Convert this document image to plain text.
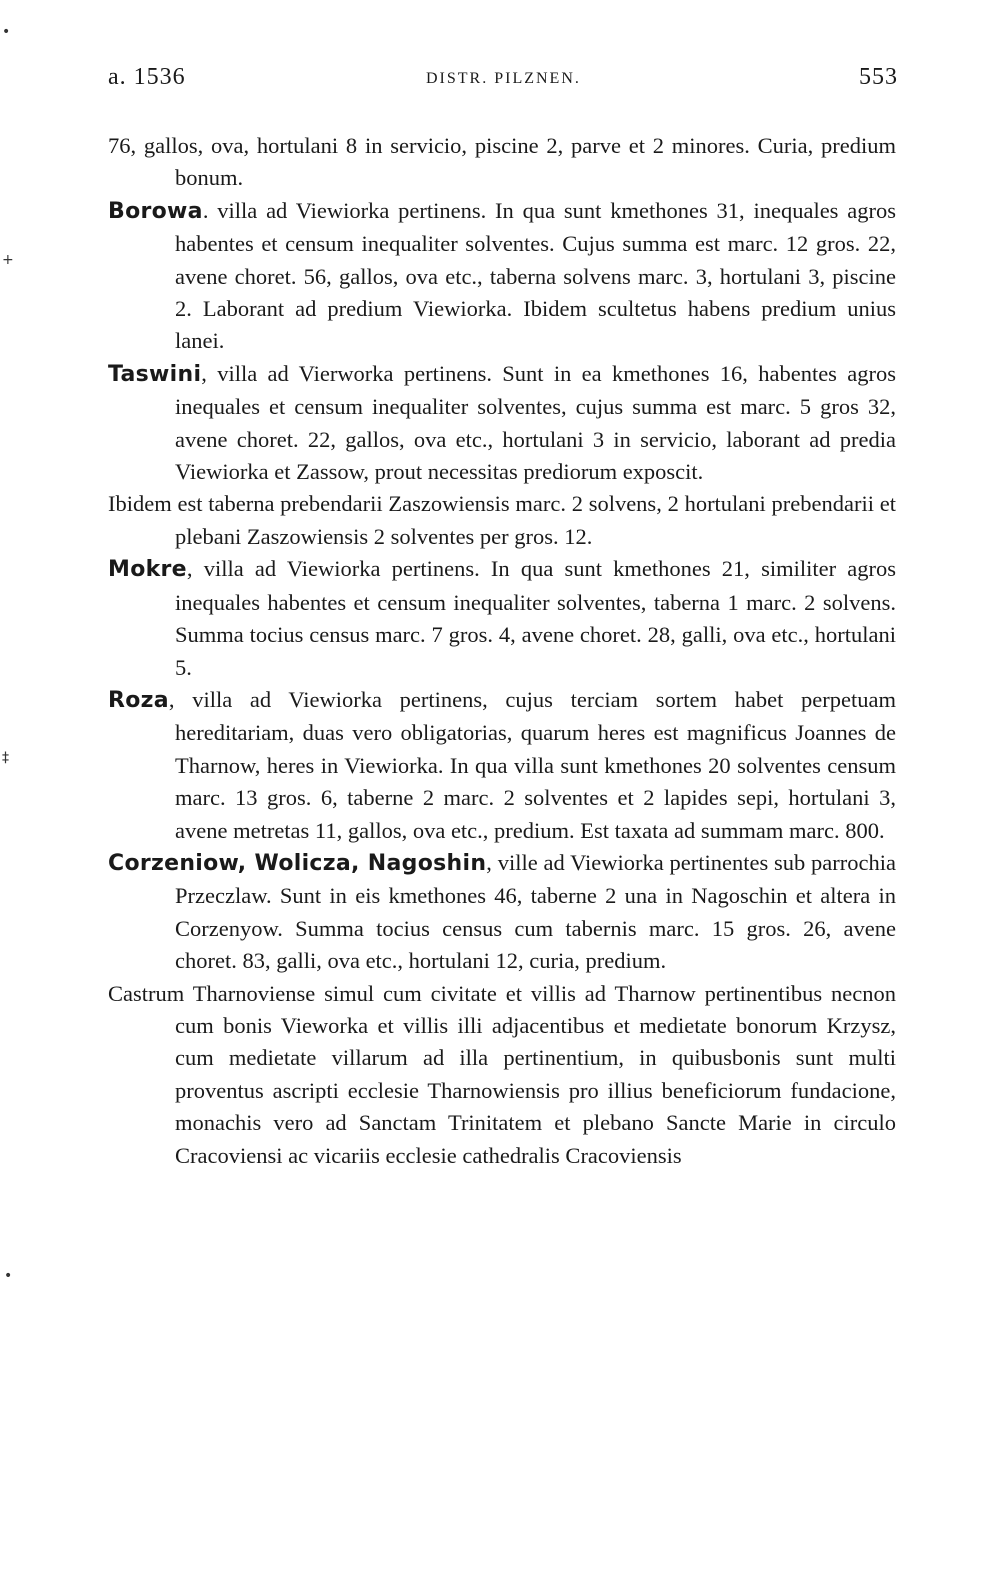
a. 1536	DISTR. PILZNEN.	553

76, gallos, ova, hortulani 8 in servicio, piscine 2, parve et 2 minores. Curia, predium bonum.

Borowa. villa ad Viewiorka pertinens. In qua sunt kmethones 31, inequales agros habentes et censum inequaliter solventes. Cujus summa est marc. 12 gros. 22, avene choret. 56, gallos, ova etc., taberna solvens marc. 3, hortulani 3, piscine 2. Laborant ad predium Viewiorka. Ibidem scultetus habens predium unius lanei.

Taswini, villa ad Vierworka pertinens. Sunt in ea kmethones 16, habentes agros inequales et censum inequaliter solventes, cujus summa est marc. 5 gros 32, avene choret. 22, gallos, ova etc., hortulani 3 in servicio, laborant ad predia Viewiorka et Zassow, prout necessitas prediorum exposcit.

Ibidem est taberna prebendarii Zaszowiensis marc. 2 solvens, 2 hortulani prebendarii et plebani Zaszowiensis 2 solventes per gros. 12.

Mokre, villa ad Viewiorka pertinens. In qua sunt kmethones 21, similiter agros inequales habentes et censum inequaliter solventes, taberna 1 marc. 2 solvens. Summa tocius census marc. 7 gros. 4, avene choret. 28, galli, ova etc., hortulani 5.

Roza, villa ad Viewiorka pertinens, cujus terciam sortem habet perpetuam hereditariam, duas vero obligatorias, quarum heres est magnificus Joannes de Tharnow, heres in Viewiorka. In qua villa sunt kmethones 20 solventes censum marc. 13 gros. 6, taberne 2 marc. 2 solventes et 2 lapides sepi, hortulani 3, avene metretas 11, gallos, ova etc., predium. Est taxata ad summam marc. 800.

Corzeniow, Wolicza, Nagoshin, ville ad Viewiorka pertinentes sub parrochia Przeczlaw. Sunt in eis kmethones 46, taberne 2 una in Nagoschin et altera in Corzenyow. Summa tocius census cum tabernis marc. 15 gros. 26, avene choret. 83, galli, ova etc., hortulani 12, curia, predium.

Castrum Tharnoviense simul cum civitate et villis ad Tharnow pertinentibus necnon cum bonis Vieworka et villis illi adjacentibus et medietate bonorum Krzysz, cum medietate villarum ad illa pertinentium, in quibusbonis sunt multi proventus ascripti ecclesie Tharnowiensis pro illius beneficiorum fundacione, monachis vero ad Sanctam Trinitatem et plebano Sancte Marie in circulo Cracoviensi ac vicariis ecclesie cathedralis Cracoviensis

•
+
‡
•
